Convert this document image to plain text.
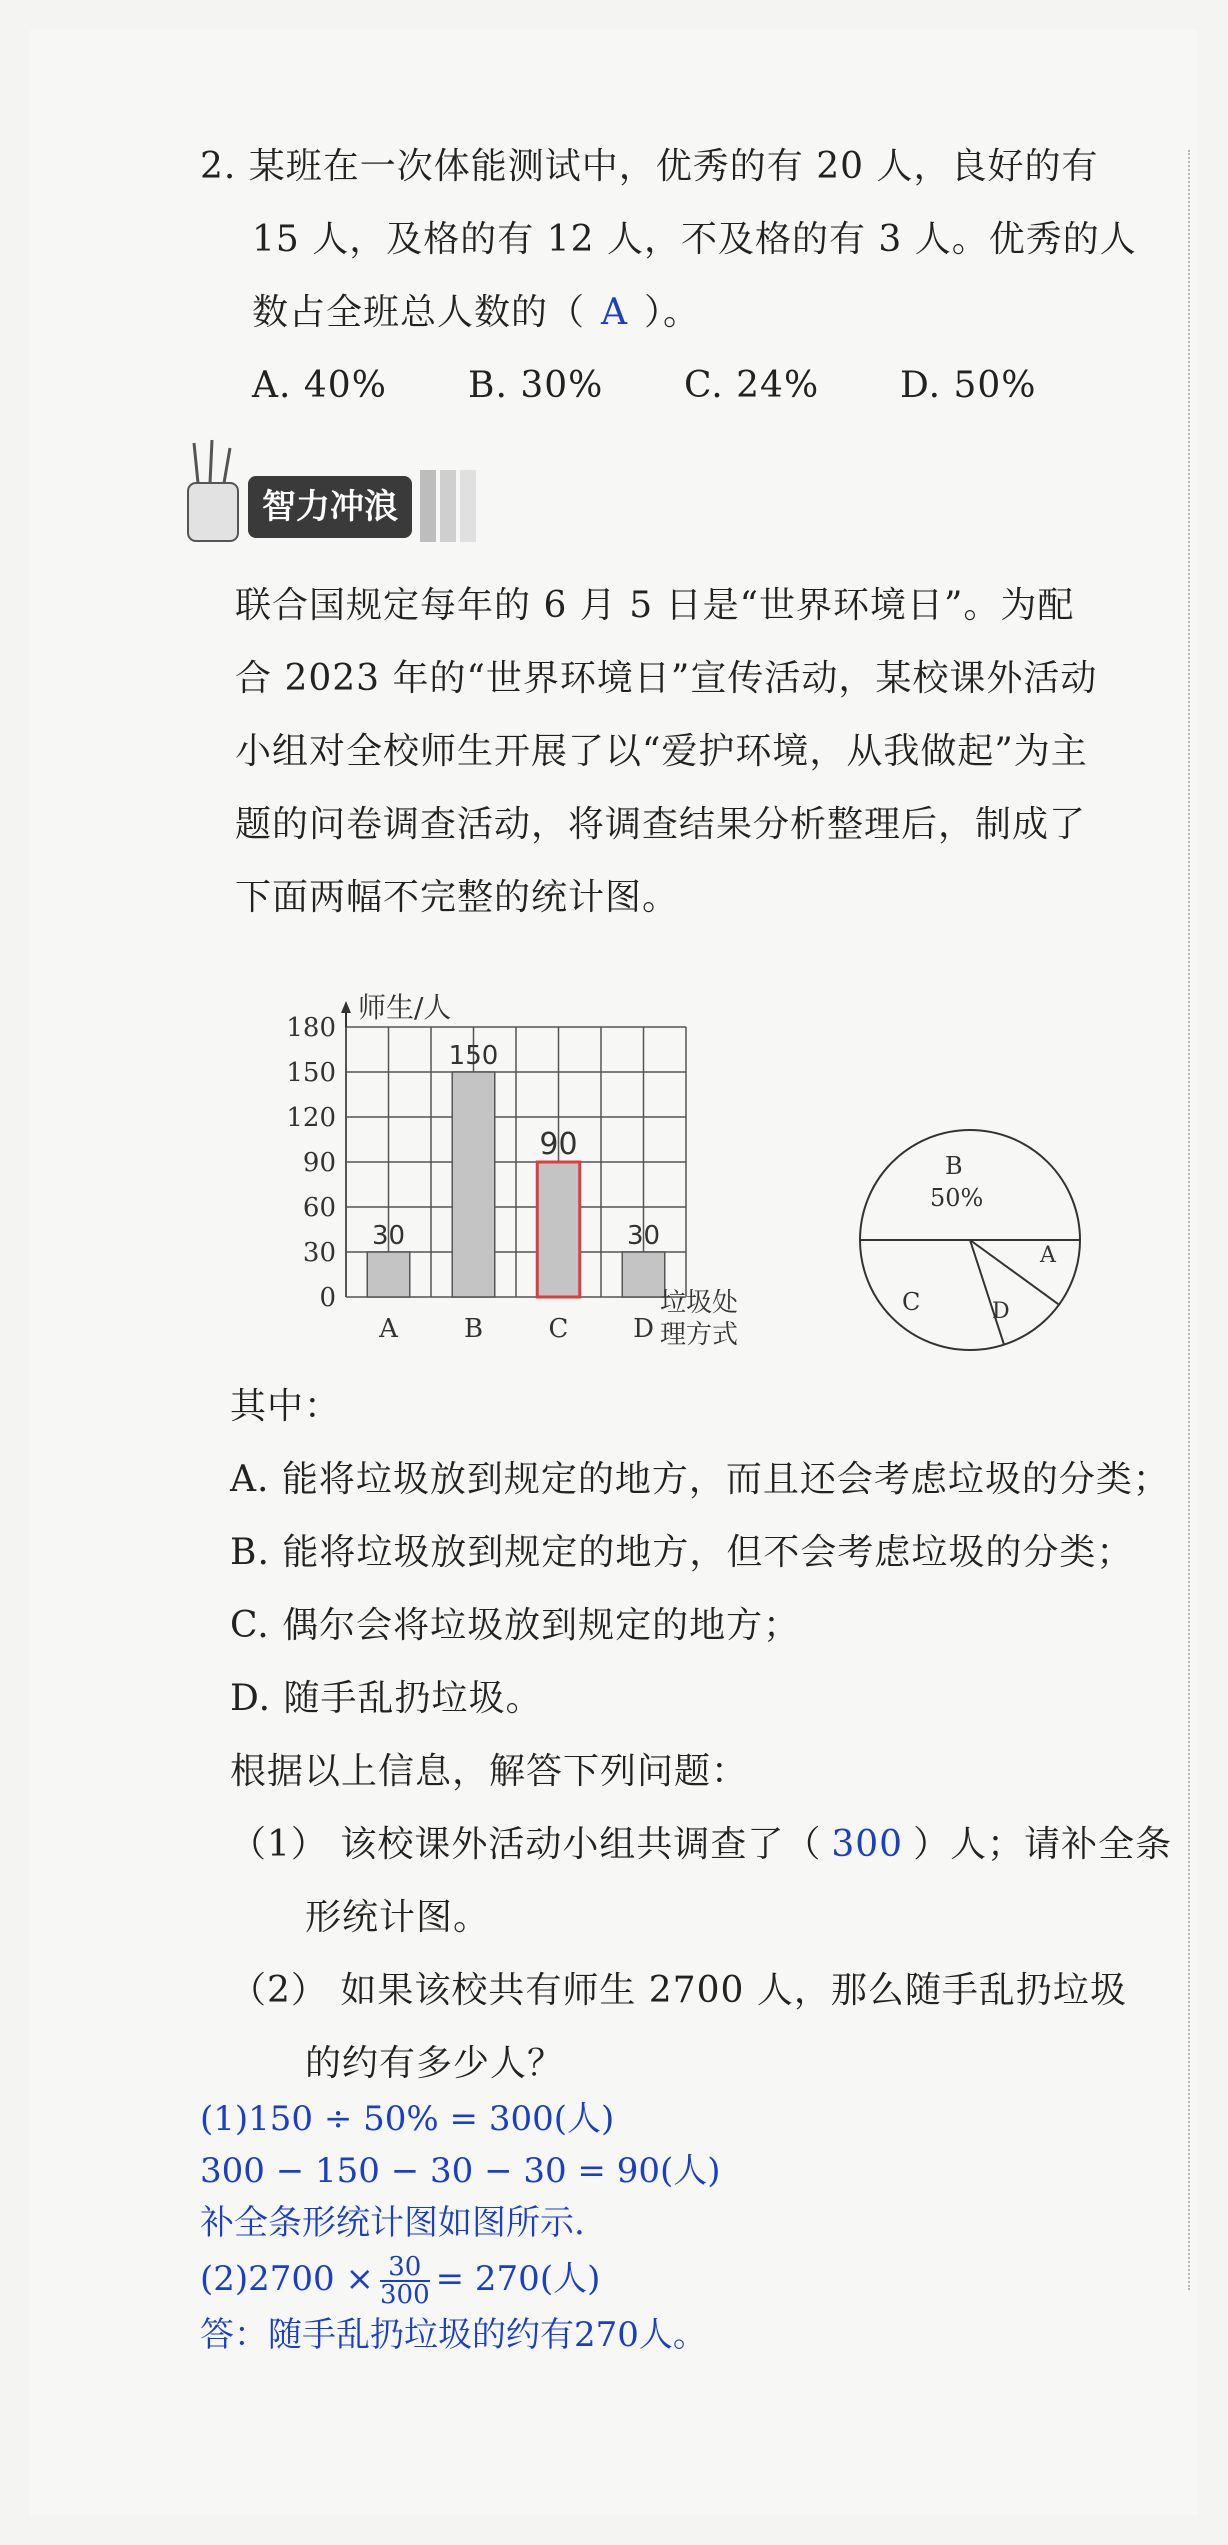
2. 某班在一次体能测试中，优秀的有 20 人，良好的有
15 人，及格的有 12 人，不及格的有 3 人。优秀的人
数占全班总人数的（ A ）。
A. 40% B. 30% C. 24% D. 50%
智力冲浪
联合国规定每年的 6 月 5 日是“世界环境日”。为配
合 2023 年的“世界环境日”宣传活动，某校课外活动
小组对全校师生开展了以“爱护环境，从我做起”为主
题的问卷调查活动，将调查结果分析整理后，制成了
下面两幅不完整的统计图。
0
30
60
90
120
150
180
30
A
150
B
90
C
30
D
师生/人
垃圾处
理方式
B
50%
A
C	D
其中：
A. 能将垃圾放到规定的地方，而且还会考虑垃圾的分类；
B. 能将垃圾放到规定的地方，但不会考虑垃圾的分类；
C. 偶尔会将垃圾放到规定的地方；
D. 随手乱扔垃圾。
根据以上信息，解答下列问题：
（1） 该校课外活动小组共调查了（ 300 ）人；请补全条
形统计图。
（2） 如果该校共有师生 2700 人，那么随手乱扔垃圾
的约有多少人？
(1)150 ÷ 50% = 300(人)
300 − 150 − 30 − 30 = 90(人)
补全条形统计图如图所示.
$(2)2700 \times \frac{30}{300} = 270$(人)
答：随手乱扔垃圾的约有270人。
